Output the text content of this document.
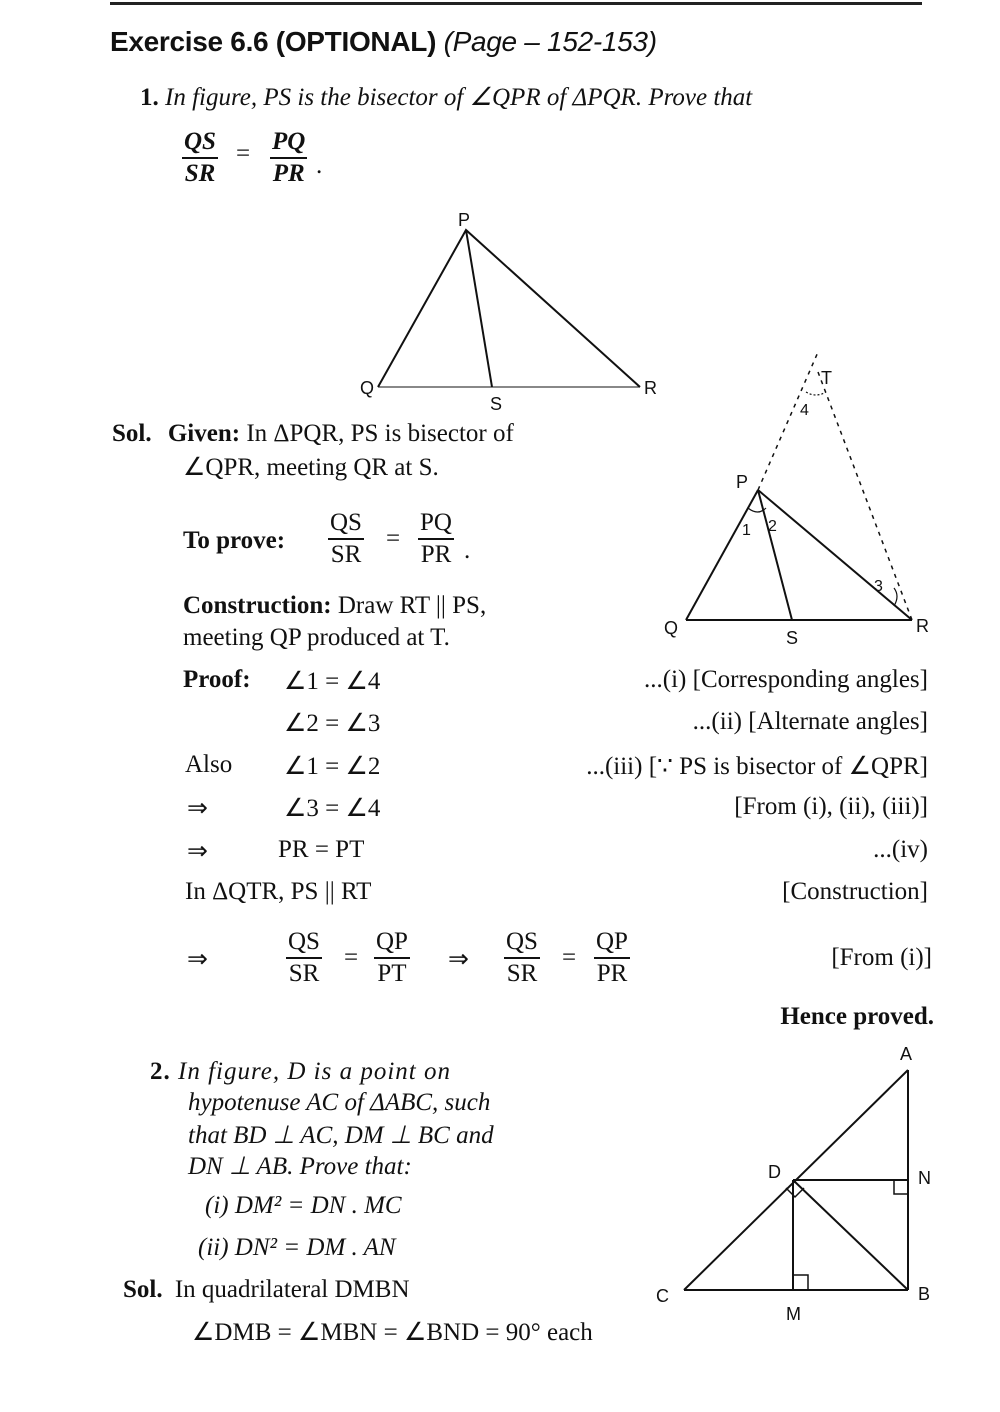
Exercise 6.6 (OPTIONAL) (Page – 152-153)
1. In figure, PS is the bisector of ∠QPR of ΔPQR. Prove that
$\frac{QS}{SR} = \frac{PQ}{PR}$ .
P
Q	R
S
P
Q	R
S
T
1 2
3
4
Sol. Given: In ΔPQR, PS is bisector of
∠QPR, meeting QR at S.
To prove: $\frac{QS}{SR} = \frac{PQ}{PR}$ .
Construction: Draw RT || PS,
meeting QP produced at T.
Proof: ∠1 = ∠4	...(i) [Corresponding angles]
∠2 = ∠3	...(ii) [Alternate angles]
Also ∠1 = ∠2	...(iii) [∵ PS is bisector of ∠QPR]
⇒	∠3 = ∠4	[From (i), (ii), (iii)]
⇒	PR = PT	...(iv)
In ΔQTR, PS || RT	[Construction]
⇒	$\frac{QS}{SR} = \frac{QP}{PT}$ ⇒ $\frac{QS}{SR} = \frac{QP}{PR}$	[From (i)]
Hence proved.
2. In figure, D is a point on
hypotenuse AC of ΔABC, such
that BD ⊥ AC, DM ⊥ BC and
DN ⊥ AB. Prove that:
(i) DM² = DN . MC
(ii) DN² = DM . AN
A
C	B
D	N
M
Sol. In quadrilateral DMBN
∠DMB = ∠MBN = ∠BND = 90° each
